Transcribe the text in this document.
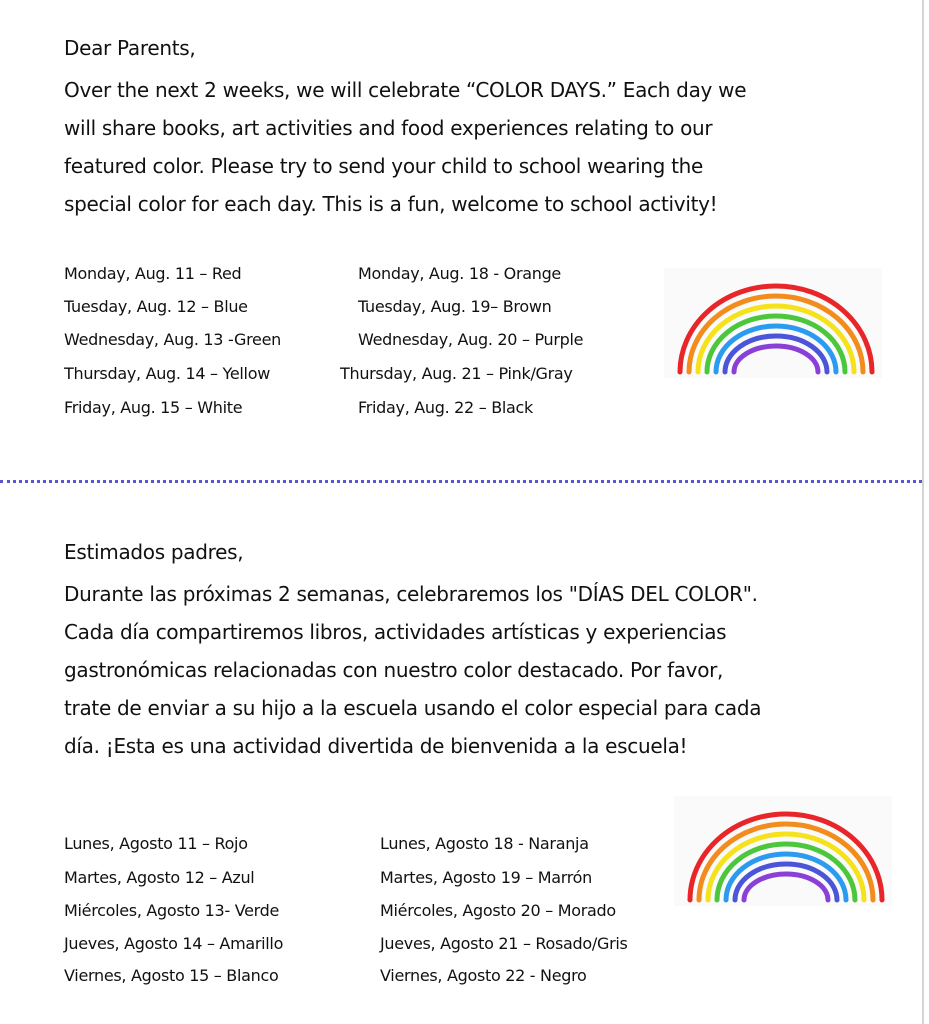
Dear Parents,
Over the next 2 weeks, we will celebrate “COLOR DAYS.” Each day we
will share books, art activities and food experiences relating to our
featured color. Please try to send your child to school wearing the
special color for each day. This is a fun, welcome to school activity!
Monday, Aug. 11 – Red
Tuesday, Aug. 12 – Blue
Wednesday, Aug. 13 -Green
Thursday, Aug. 14 – Yellow
Friday, Aug. 15 – White
Monday, Aug. 18 - Orange
Tuesday, Aug. 19– Brown
Wednesday, Aug. 20 – Purple
Thursday, Aug. 21 – Pink/Gray
Friday, Aug. 22 – Black
Estimados padres,
Durante las próximas 2 semanas, celebraremos los "DÍAS DEL COLOR".
Cada día compartiremos libros, actividades artísticas y experiencias
gastronómicas relacionadas con nuestro color destacado. Por favor,
trate de enviar a su hijo a la escuela usando el color especial para cada
día. ¡Esta es una actividad divertida de bienvenida a la escuela!
Lunes, Agosto 11 – Rojo
Martes, Agosto 12 – Azul
Miércoles, Agosto 13- Verde
Jueves, Agosto 14 – Amarillo
Viernes, Agosto 15 – Blanco
Lunes, Agosto 18 - Naranja
Martes, Agosto 19 – Marrón
Miércoles, Agosto 20 – Morado
Jueves, Agosto 21 – Rosado/Gris
Viernes, Agosto 22 - Negro
